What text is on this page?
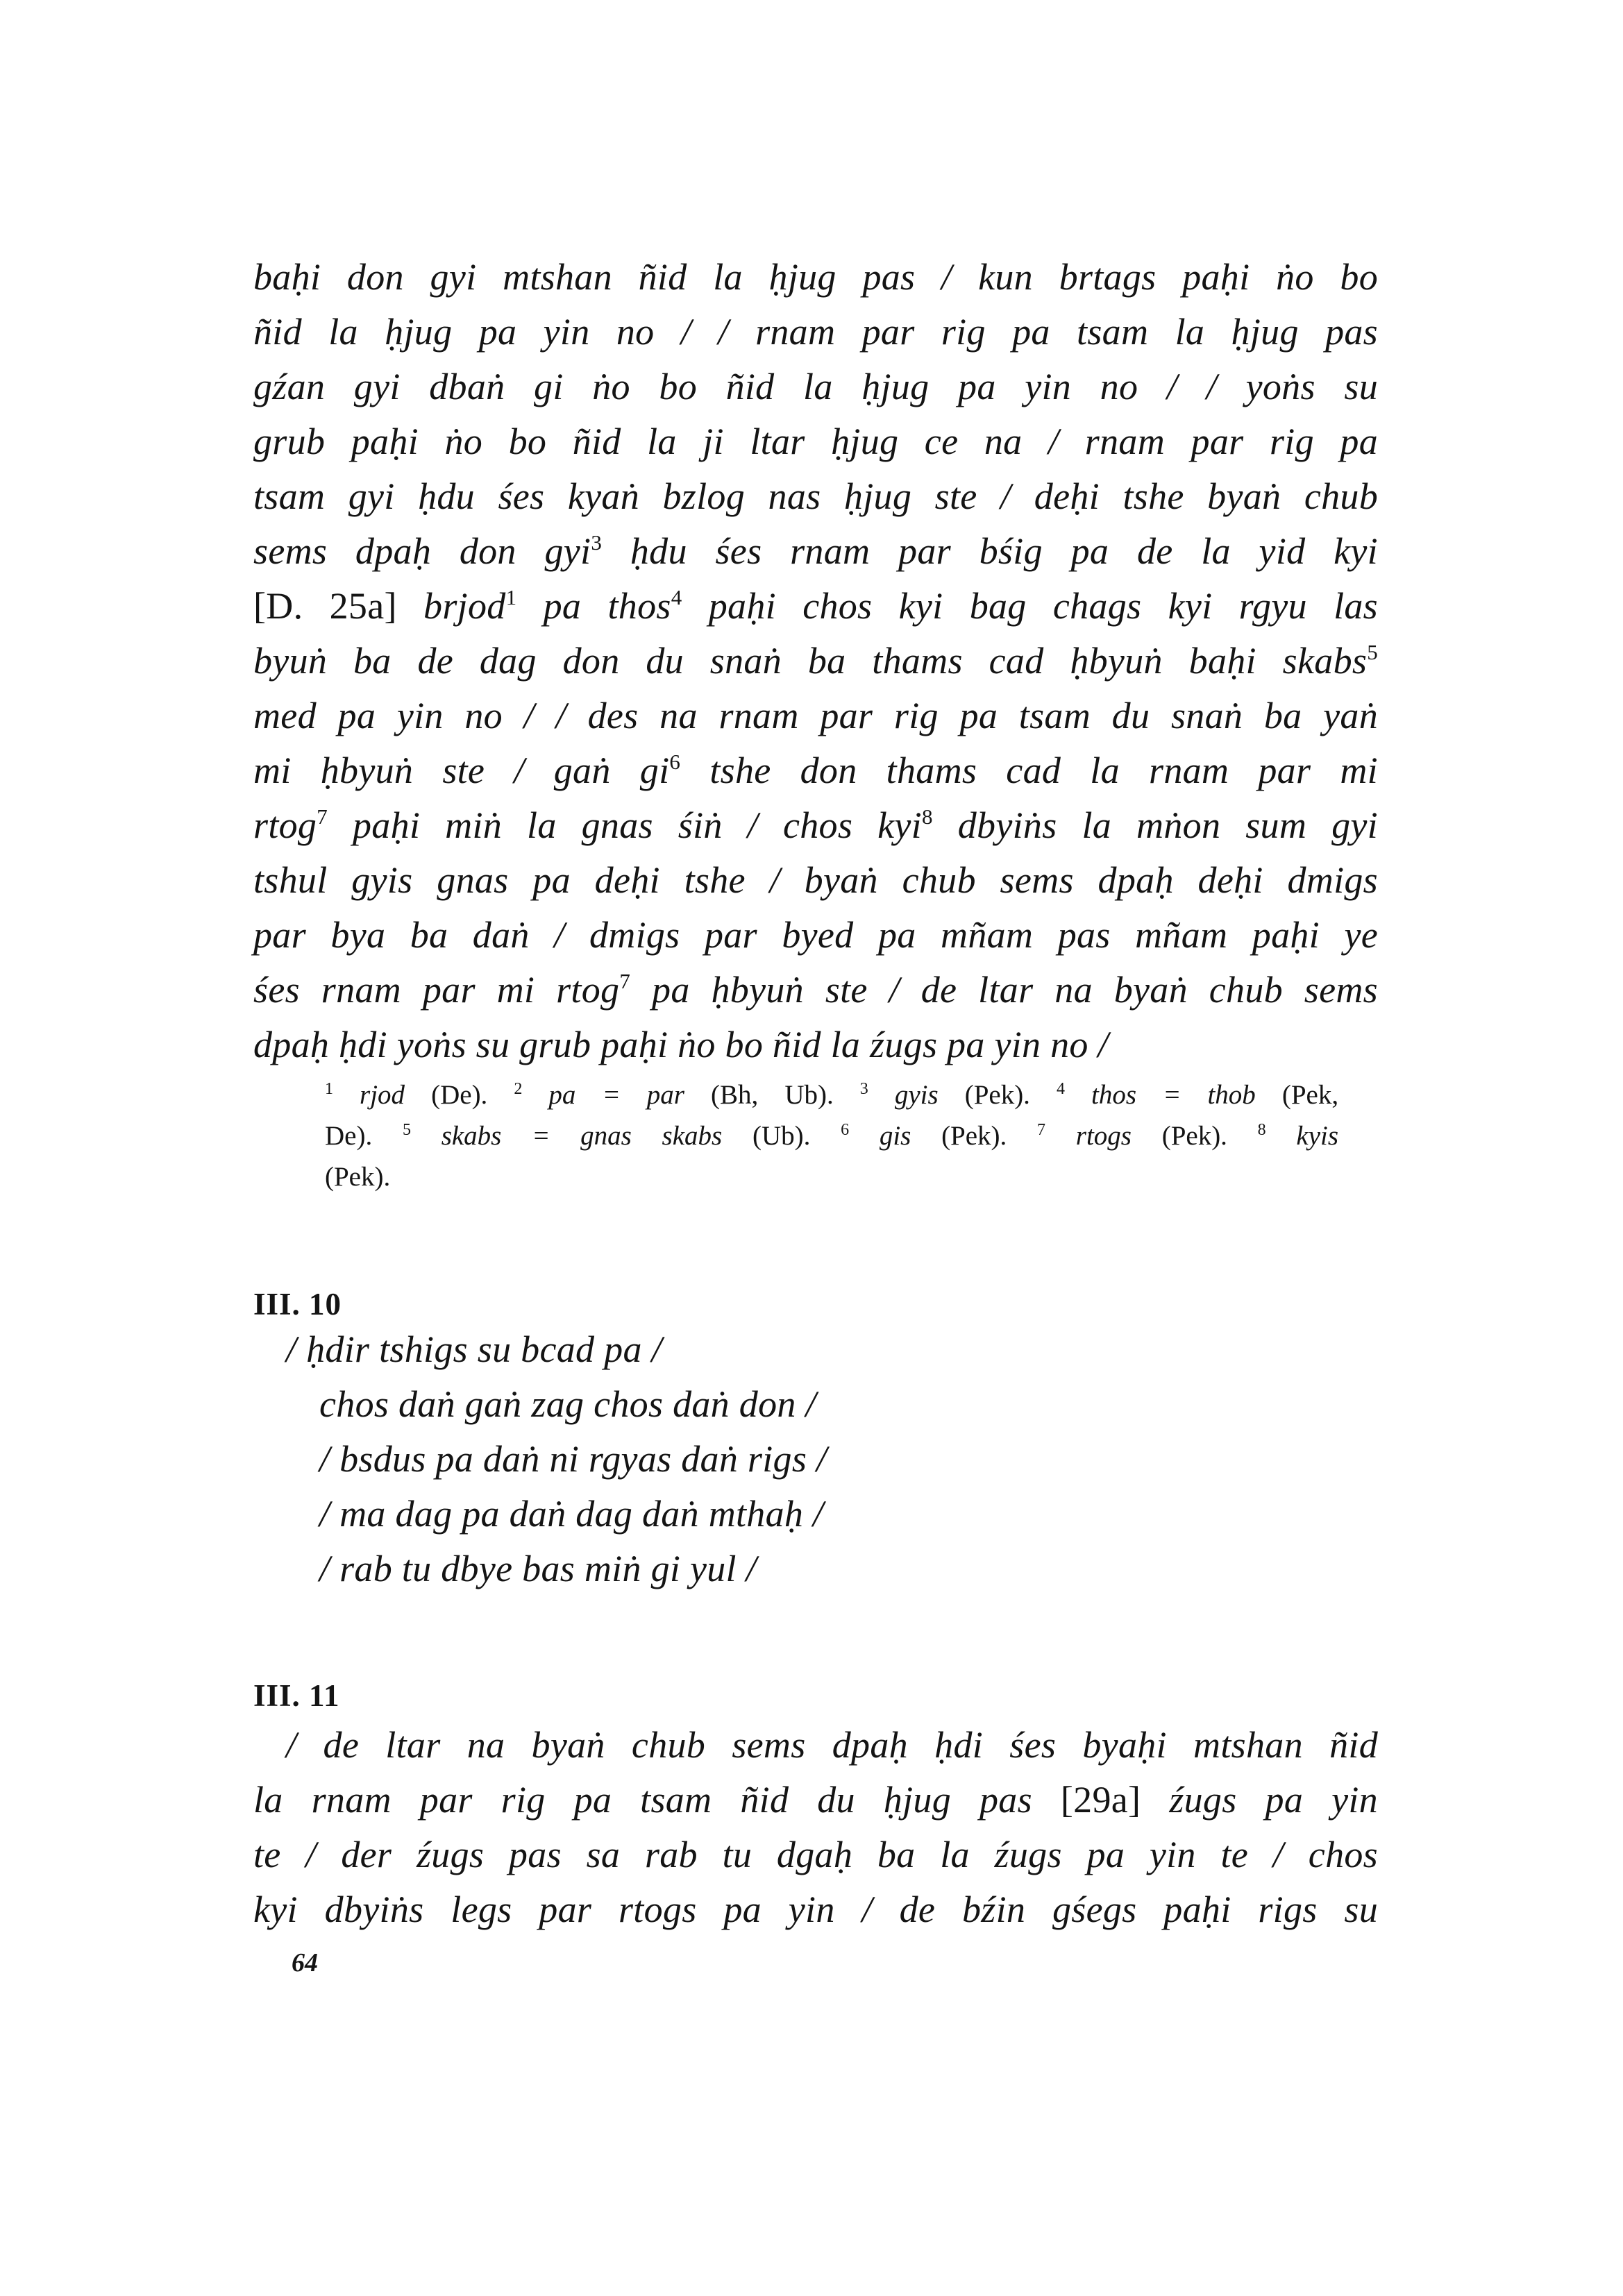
baḥi don gyi mtshan ñid la ḥjug pas / kun brtags paḥi ṅo bo
ñid la ḥjug pa yin no / / rnam par rig pa tsam la ḥjug pas
gźan gyi dbaṅ gi ṅo bo ñid la ḥjug pa yin no / / yoṅs su
grub paḥi ṅo bo ñid la ji ltar ḥjug ce na / rnam par rig pa
tsam gyi ḥdu śes kyaṅ bzlog nas ḥjug ste / deḥi tshe byaṅ chub
sems dpaḥ don gyi$^3$ ḥdu śes rnam par bśig pa de la yid kyi
[D. 25a] brjod$^1$ pa thos$^4$ paḥi chos kyi bag chags kyi rgyu las
byuṅ ba de dag don du snaṅ ba thams cad ḥbyuṅ baḥi skabs$^5$
med pa yin no / / des na rnam par rig pa tsam du snaṅ ba yaṅ
mi ḥbyuṅ ste / gaṅ $gi^6$ tshe don thams cad la rnam par mi
rtog$^7$ paḥi miṅ la gnas śiṅ / chos kyi$^8$ dbyiṅs la mṅon sum gyi
tshul gyis gnas pa deḥi tshe / byaṅ chub sems dpaḥ deḥi dmigs
par bya ba daṅ / dmigs par byed pa mñam pas mñam paḥi ye
śes rnam par mi rtog$^7$ pa ḥbyuṅ ste / de ltar na byaṅ chub sems
dpaḥ ḥdi yoṅs su grub paḥi ṅo bo ñid la źugs pa yin no /
$^1$ rjod (De). $^2$ pa = par (Bh, Ub). $^3$ gyis (Pek). $^4$ thos = thob (Pek,
De). $^5$ skabs = gnas skabs (Ub). $^6$ gis (Pek). $^7$ rtogs (Pek). $^8$ kyis
(Pek).
III. 10
/ ḥdir tshigs su bcad pa /
chos daṅ gaṅ zag chos daṅ don /
/ bsdus pa daṅ ni rgyas daṅ rigs /
/ ma dag pa daṅ dag daṅ mthaḥ /
/ rab tu dbye bas miṅ gi yul /
III. 11
/ de ltar na byaṅ chub sems dpaḥ ḥdi śes byaḥi mtshan ñid
la rnam par rig pa tsam ñid du ḥjug pas [29a] źugs pa yin
te / der źugs pas sa rab tu dgaḥ ba la źugs pa yin te / chos
kyi dbyiṅs legs par rtogs pa yin / de bźin gśegs paḥi rigs su
64
